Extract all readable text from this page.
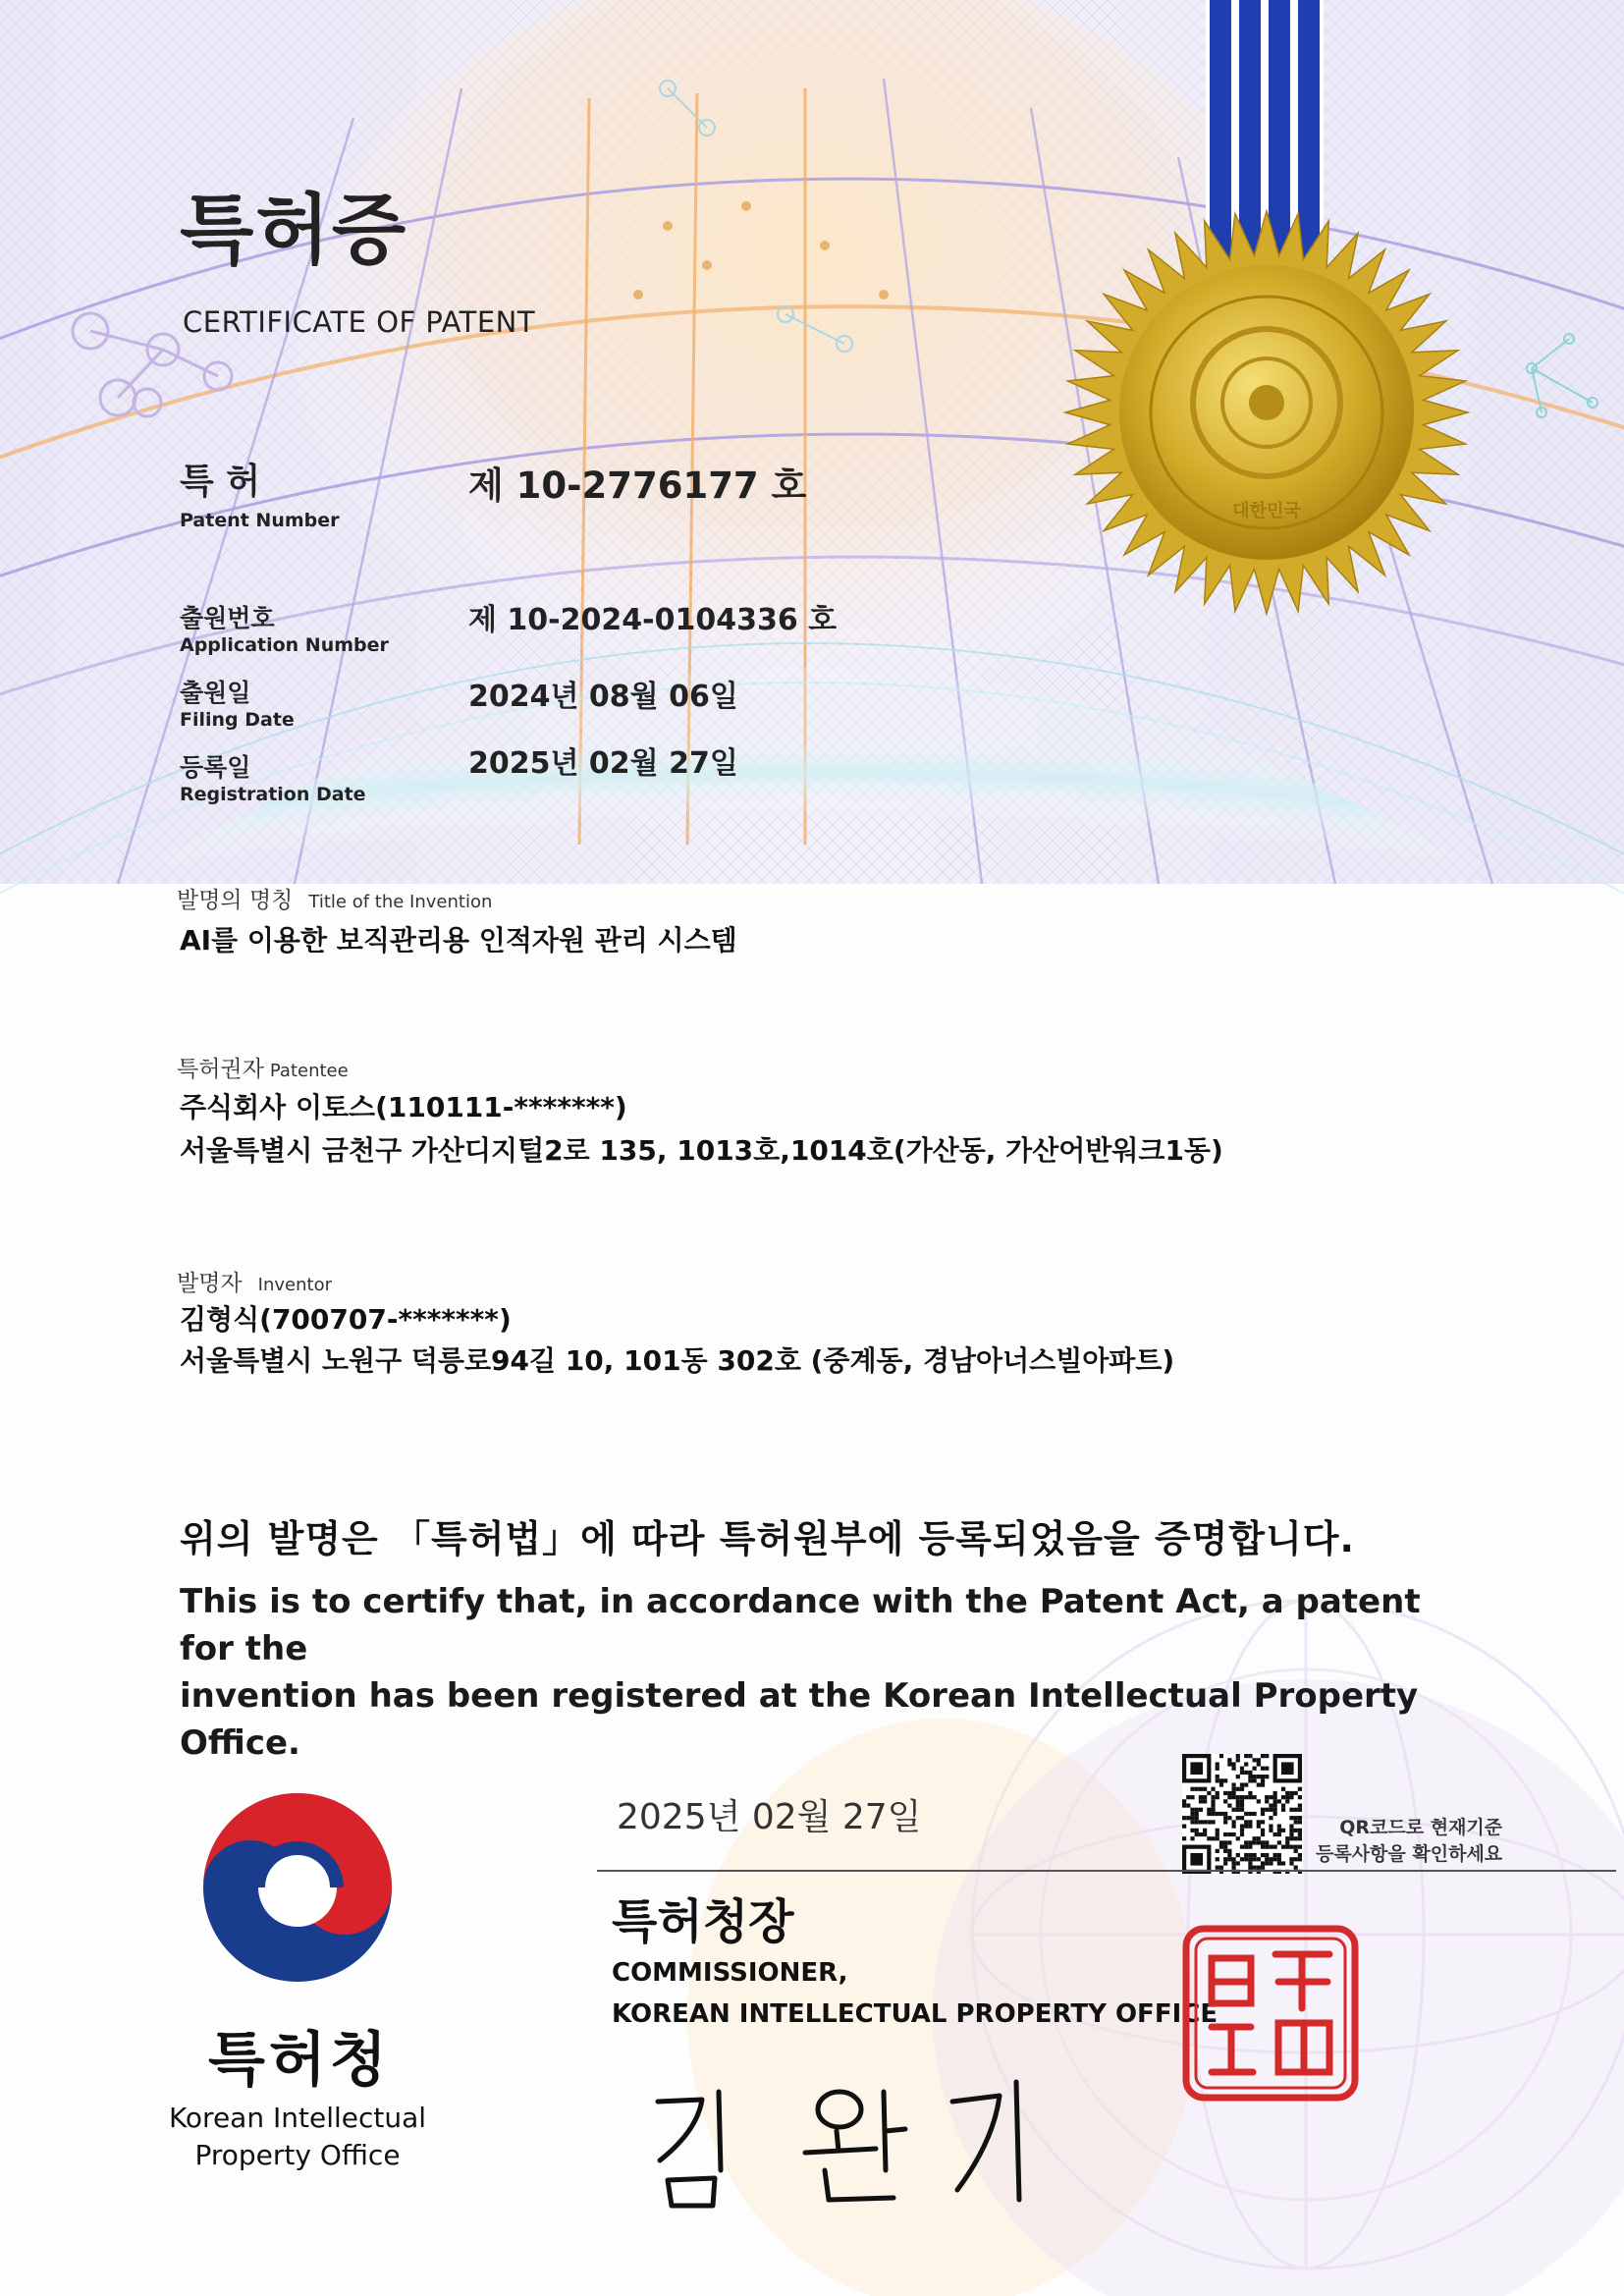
대한민국
특허증
CERTIFICATE OF PATENT
특 허
Patent Number
제 10-2776177 호
출원번호
Application Number
제 10-2024-0104336 호
출원일
Filing Date
2024년 08월 06일
등록일
Registration Date
2025년 02월 27일
발명의 명칭 Title of the Invention
AI를 이용한 보직관리용 인적자원 관리 시스템
특허권자 Patentee
주식회사 이토스(110111-*******)
서울특별시 금천구 가산디지털2로 135, 1013호,1014호(가산동, 가산어반워크1동)
발명자 Inventor
김형식(700707-*******)
서울특별시 노원구 덕릉로94길 10, 101동 302호 (중계동, 경남아너스빌아파트)
위의 발명은 「특허법」에 따라 특허원부에 등록되었음을 증명합니다.
This is to certify that, in accordance with the Patent Act, a patent for the
invention has been registered at the Korean Intellectual Property Office.
특허청
Korean Intellectual
Property Office
2025년 02월 27일	QR코드로 현재기준
등록사항을 확인하세요
특허청장
COMMISSIONER,
KOREAN INTELLECTUAL PROPERTY OFFICE
